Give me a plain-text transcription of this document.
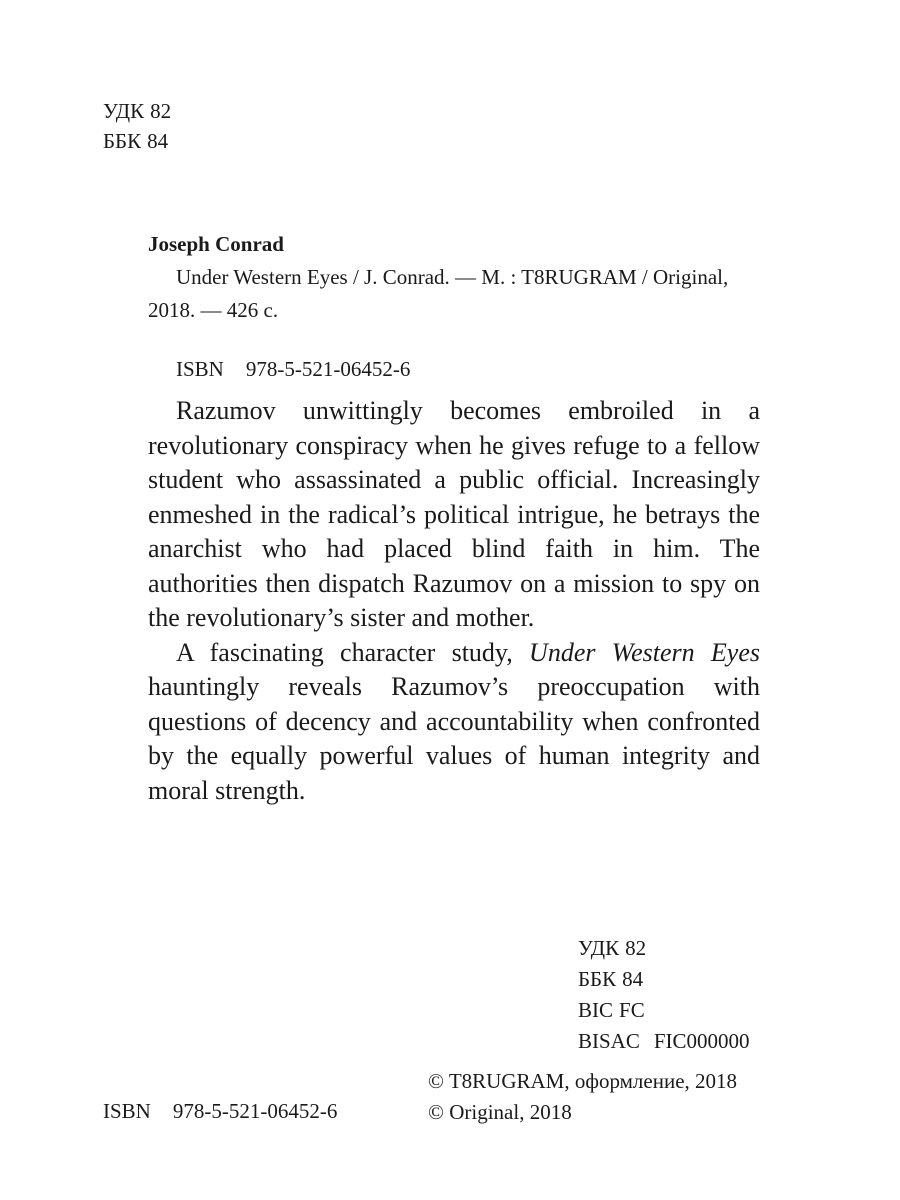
УДК 82
ББК 84
Joseph Conrad
Under Western Eyes / J. Conrad. — M. : T8RUGRAM / Original,
2018. — 426 c.
ISBN 978-5-521-06452-6

Razumov unwittingly becomes embroiled in a revolutionary conspiracy when he gives refuge to a fellow student who assassinated a public official. Increasingly enmeshed in the radical’s political intrigue, he betrays the anarchist who had placed blind faith in him. The authorities then dispatch Razumov on a mission to spy on the revolutionary’s sister and mother.

A fascinating character study, Under Western Eyes hauntingly reveals Razumov’s preoccupation with questions of decency and accountability when confronted by the equally powerful values of human integrity and moral strength.

УДК 82
ББК 84
BIC FC
BISAC FIC000000
© T8RUGRAM, оформление, 2018
© Original, 2018
ISBN 978-5-521-06452-6
